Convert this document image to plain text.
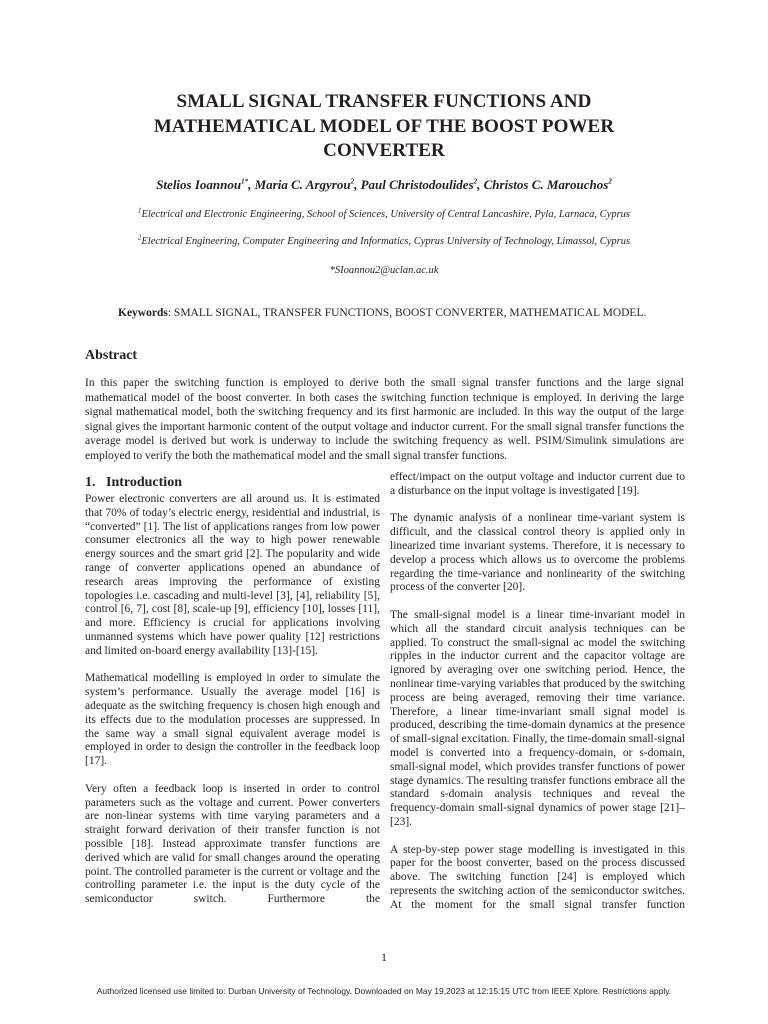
SMALL SIGNAL TRANSFER FUNCTIONS AND
MATHEMATICAL MODEL OF THE BOOST POWER
CONVERTER
Stelios Ioannou$^{1*}$, Maria C. Argyrou$^2$, Paul Christodoulides$^2$, Christos C. Marouchos$^2$
$^1$Electrical and Electronic Engineering, School of Sciences, University of Central Lancashire, Pyla, Larnaca, Cyprus
$^2$Electrical Engineering, Computer Engineering and Informatics, Cyprus University of Technology, Limassol, Cyprus
*SIoannou2@uclan.ac.uk
Keywords: SMALL SIGNAL, TRANSFER FUNCTIONS, BOOST CONVERTER, MATHEMATICAL MODEL.
Abstract
In this paper the switching function is employed to derive both the small signal transfer functions and the large signal mathematical model of the boost converter. In both cases the switching function technique is employed. In deriving the large signal mathematical model, both the switching frequency and its first harmonic are included. In this way the output of the large signal gives the important harmonic content of the output voltage and inductor current. For the small signal transfer functions the average model is derived but work is underway to include the switching frequency as well. PSIM/Simulink simulations are employed to verify the both the mathematical model and the small signal transfer functions.
1. Introduction

Power electronic converters are all around us. It is estimated that 70% of today’s electric energy, residential and industrial, is “converted” [1]. The list of applications ranges from low power consumer electronics all the way to high power renewable energy sources and the smart grid [2]. The popularity and wide range of converter applications opened an abundance of research areas improving the performance of existing topologies i.e. cascading and multi-level [3], [4], reliability [5], control [6, 7], cost [8], scale-up [9], efficiency [10], losses [11], and more. Efficiency is crucial for applications involving unmanned systems which have power quality [12] restrictions and limited on-board energy availability [13]-[15].

Mathematical modelling is employed in order to simulate the system’s performance. Usually the average model [16] is adequate as the switching frequency is chosen high enough and its effects due to the modulation processes are suppressed. In the same way a small signal equivalent average model is employed in order to design the controller in the feedback loop [17].

Very often a feedback loop is inserted in order to control parameters such as the voltage and current. Power converters are non-linear systems with time varying parameters and a straight forward derivation of their transfer function is not possible [18]. Instead approximate transfer functions are derived which are valid for small changes around the operating point. The controlled parameter is the current or voltage and the controlling parameter i.e. the input is the duty cycle of the semiconductor switch. Furthermore the

effect/impact on the output voltage and inductor current due to a disturbance on the input voltage is investigated [19].

The dynamic analysis of a nonlinear time-variant system is difficult, and the classical control theory is applied only in linearized time invariant systems. Therefore, it is necessary to develop a process which allows us to overcome the problems regarding the time-variance and nonlinearity of the switching process of the converter [20].

The small-signal model is a linear time-invariant model in which all the standard circuit analysis techniques can be applied. To construct the small-signal ac model the switching ripples in the inductor current and the capacitor voltage are ignored by averaging over one switching period. Hence, the nonlinear time-varying variables that produced by the switching process are being averaged, removing their time variance. Therefore, a linear time-invariant small signal model is produced, describing the time-domain dynamics at the presence of small-signal excitation. Finally, the time-domain small-signal model is converted into a frequency-domain, or s-domain, small-signal model, which provides transfer functions of power stage dynamics. The resulting transfer functions embrace all the standard s-domain analysis techniques and reveal the frequency-domain small-signal dynamics of power stage [21]–[23].

A step-by-step power stage modelling is investigated in this paper for the boost converter, based on the process discussed above. The switching function [24] is employed which represents the switching action of the semiconductor switches. At the moment for the small signal transfer function

1
Authorized licensed use limited to: Durban University of Technology. Downloaded on May 19,2023 at 12:15:15 UTC from IEEE Xplore. Restrictions apply.
